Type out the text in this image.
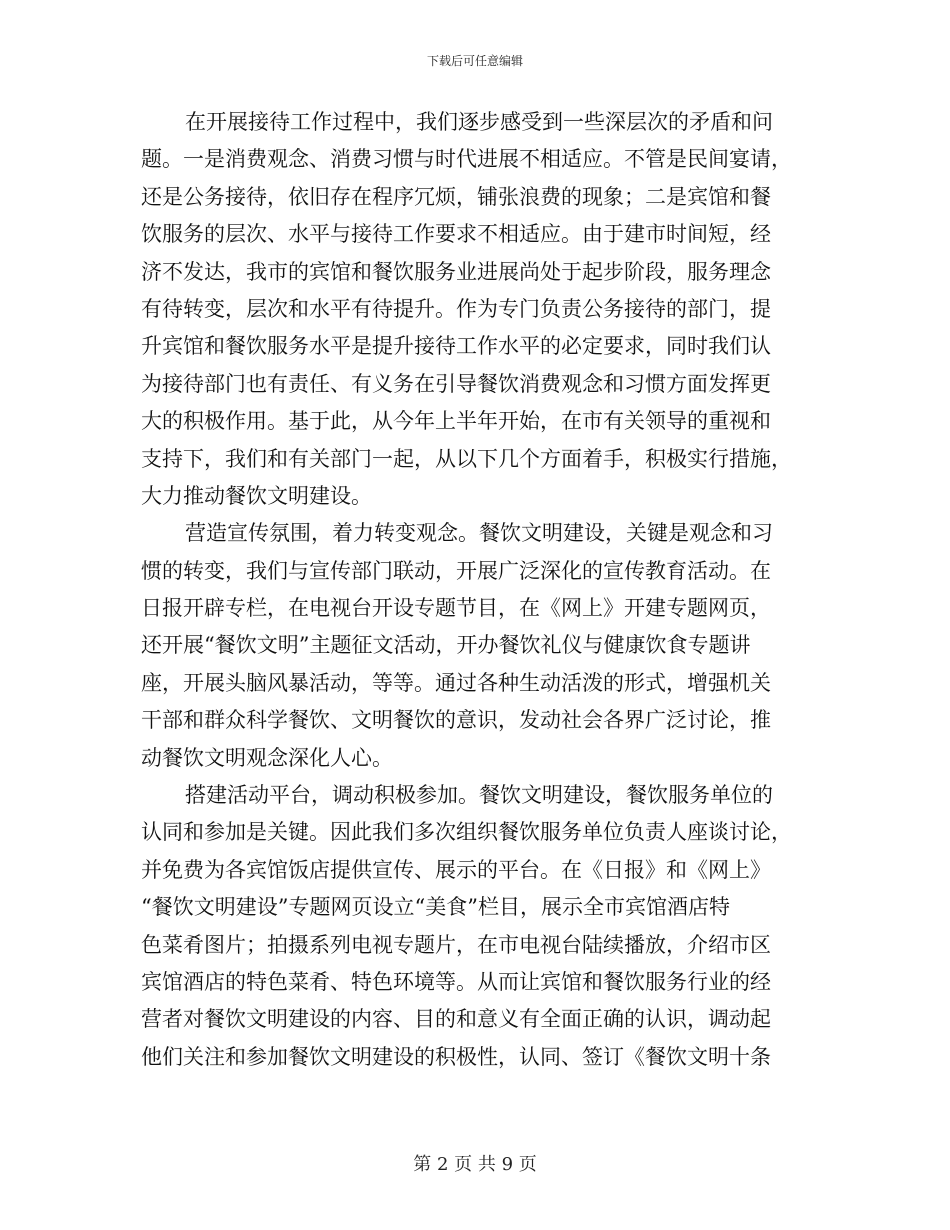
下载后可任意编辑
在开展接待工作过程中，我们逐步感受到一些深层次的矛盾和问
题。一是消费观念、消费习惯与时代进展不相适应。不管是民间宴请，
还是公务接待，依旧存在程序冗烦，铺张浪费的现象；二是宾馆和餐
饮服务的层次、水平与接待工作要求不相适应。由于建市时间短，经
济不发达，我市的宾馆和餐饮服务业进展尚处于起步阶段，服务理念
有待转变，层次和水平有待提升。作为专门负责公务接待的部门，提
升宾馆和餐饮服务水平是提升接待工作水平的必定要求，同时我们认
为接待部门也有责任、有义务在引导餐饮消费观念和习惯方面发挥更
大的积极作用。基于此，从今年上半年开始，在市有关领导的重视和
支持下，我们和有关部门一起，从以下几个方面着手，积极实行措施，
大力推动餐饮文明建设。
营造宣传氛围，着力转变观念。餐饮文明建设，关键是观念和习
惯的转变，我们与宣传部门联动，开展广泛深化的宣传教育活动。在
日报开辟专栏，在电视台开设专题节目，在《网上》开建专题网页，
还开展“餐饮文明”主题征文活动，开办餐饮礼仪与健康饮食专题讲
座，开展头脑风暴活动，等等。通过各种生动活泼的形式，增强机关
干部和群众科学餐饮、文明餐饮的意识，发动社会各界广泛讨论，推
动餐饮文明观念深化人心。
搭建活动平台，调动积极参加。餐饮文明建设，餐饮服务单位的
认同和参加是关键。因此我们多次组织餐饮服务单位负责人座谈讨论，
并免费为各宾馆饭店提供宣传、展示的平台。在《日报》和《网上》
“餐饮文明建设”专题网页设立“美食”栏目，展示全市宾馆酒店特
色菜肴图片；拍摄系列电视专题片，在市电视台陆续播放，介绍市区
宾馆酒店的特色菜肴、特色环境等。从而让宾馆和餐饮服务行业的经
营者对餐饮文明建设的内容、目的和意义有全面正确的认识，调动起
他们关注和参加餐饮文明建设的积极性，认同、签订《餐饮文明十条
第 2 页 共 9 页
